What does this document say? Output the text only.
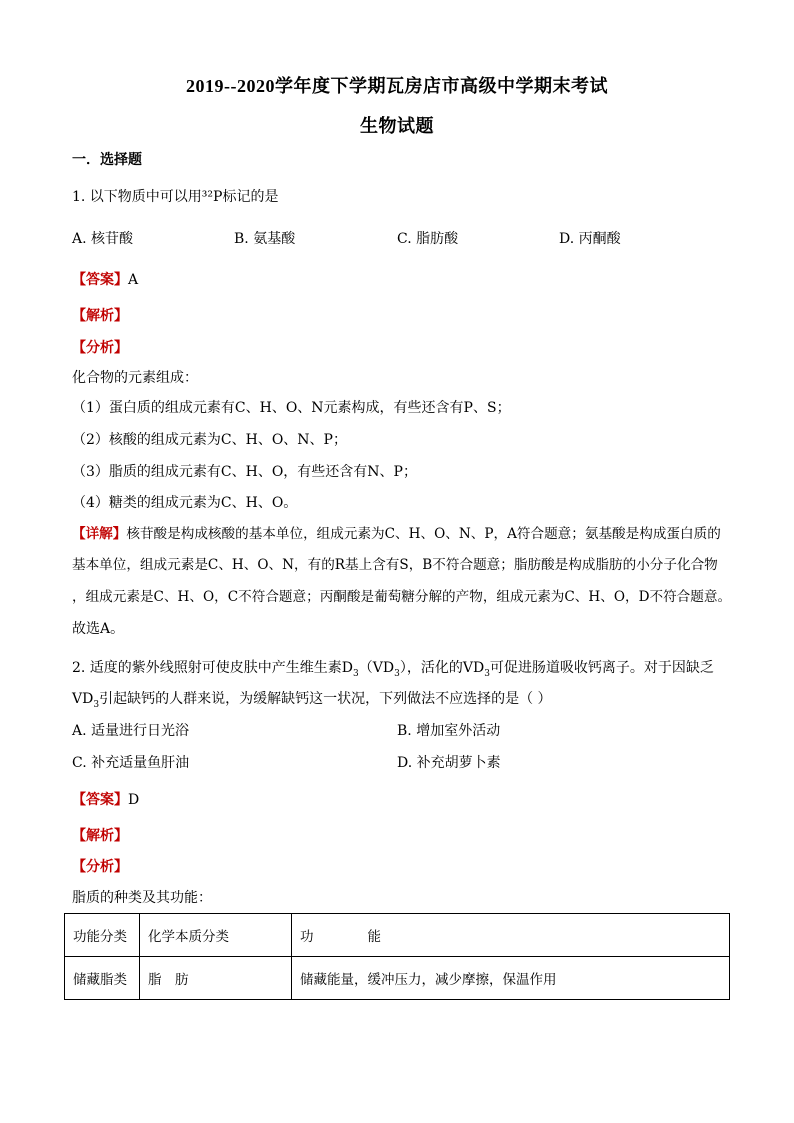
2019--2020学年度下学期瓦房店市高级中学期末考试
生物试题
一．选择题
1. 以下物质中可以用³²P标记的是
A. 核苷酸	B. 氨基酸	C. 脂肪酸	D. 丙酮酸
【答案】A
【解析】
【分析】
化合物的元素组成：
（1）蛋白质的组成元素有C、H、O、N元素构成，有些还含有P、S；
（2）核酸的组成元素为C、H、O、N、P；
（3）脂质的组成元素有C、H、O，有些还含有N、P；
（4）糖类的组成元素为C、H、O。
【详解】核苷酸是构成核酸的基本单位，组成元素为C、H、O、N、P，A符合题意；氨基酸是构成蛋白质的
基本单位，组成元素是C、H、O、N，有的R基上含有S，B不符合题意；脂肪酸是构成脂肪的小分子化合物
，组成元素是C、H、O，C不符合题意；丙酮酸是葡萄糖分解的产物，组成元素为C、H、O，D不符合题意。
故选A。
2. 适度的紫外线照射可使皮肤中产生维生素$D_3(VD_3)$，活化的$VD_3$可促进肠道吸收钙离子。对于因缺乏
$VD_3$引起缺钙的人群来说，为缓解缺钙这一状况，下列做法不应选择的是（ ）
A. 适量进行日光浴	B. 增加室外活动
C. 补充适量鱼肝油	D. 补充胡萝卜素
【答案】D
【解析】
【分析】
脂质的种类及其功能：
功能分类	化学本质分类	功　　　　能
储藏脂类	脂　肪	储藏能量，缓冲压力，减少摩擦，保温作用
